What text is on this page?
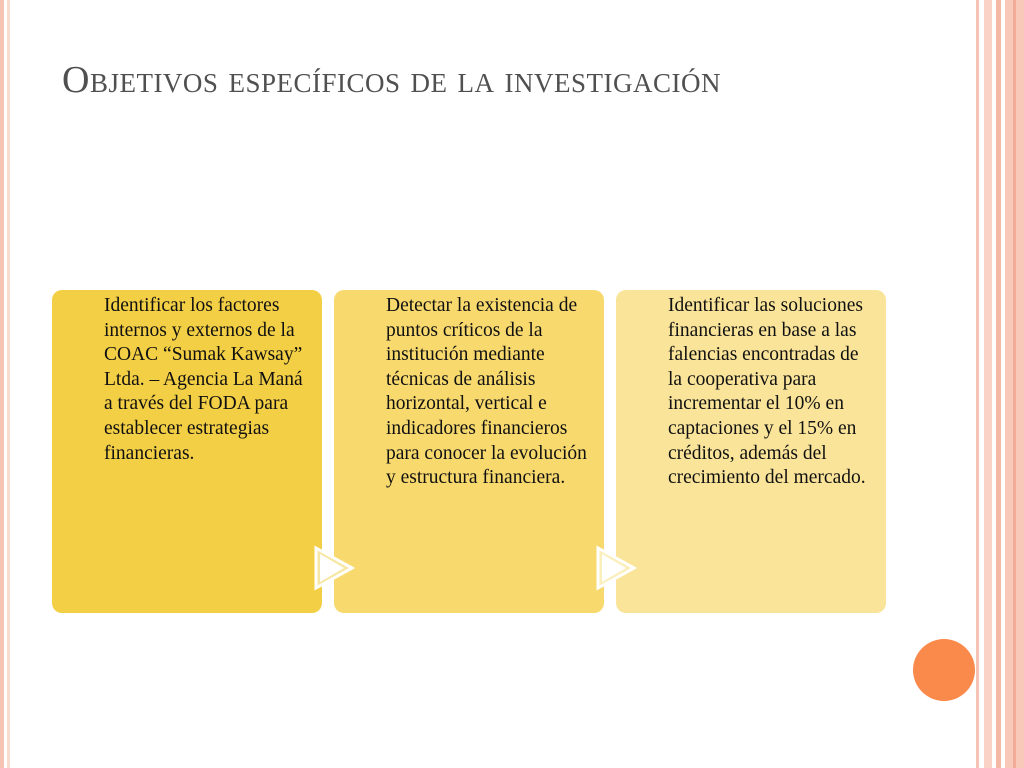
Objetivos específicos de la investigación
Identificar los factores internos y externos de la COAC “Sumak Kawsay” Ltda. – Agencia La Maná a través del FODA para establecer estrategias financieras.
Detectar la existencia de puntos críticos de la institución mediante técnicas de análisis horizontal, vertical e indicadores financieros para conocer la evolución y estructura financiera.
Identificar las soluciones financieras en base a las falencias encontradas de la cooperativa para incrementar el 10% en captaciones y el 15% en créditos, además del crecimiento del mercado.
